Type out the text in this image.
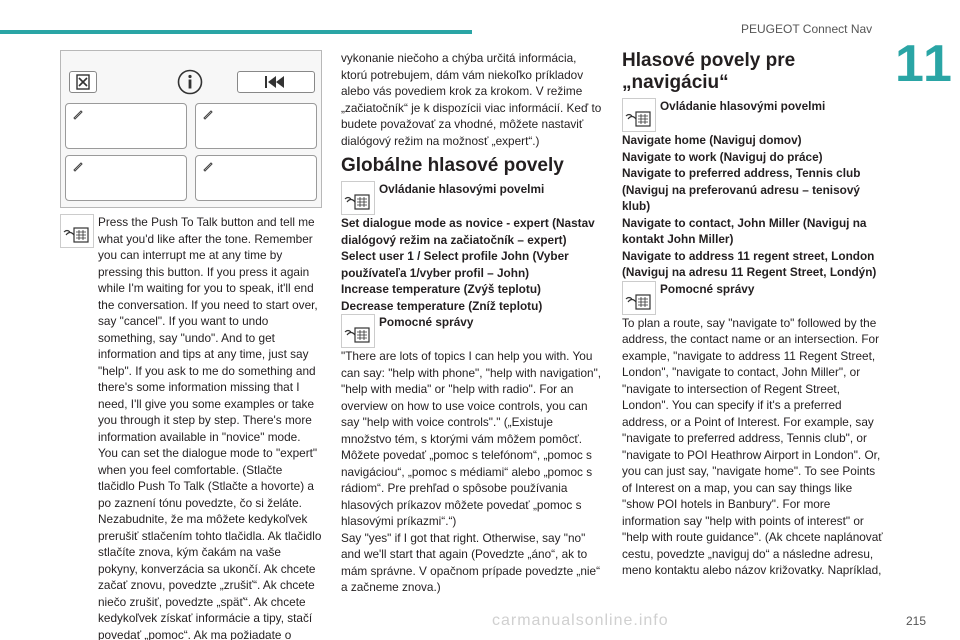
PEUGEOT Connect Nav
11

Press the Push To Talk button and tell me what you'd like after the tone. Remember you can interrupt me at any time by pressing this button. If you press it again while I'm waiting for you to speak, it'll end the conversation. If you need to start over, say "cancel". If you want to undo something, say "undo". And to get information and tips at any time, just say "help". If you ask to me do something and there's some information missing that I need, I'll give you some examples or take you through it step by step. There's more information available in "novice" mode. You can set the dialogue mode to "expert" when you feel comfortable. (Stlačte tlačidlo Push To Talk (Stlačte a hovorte) a po zaznení tónu povedzte, čo si želáte. Nezabudnite, že ma môžete kedykoľvek prerušiť stlačením tohto tlačidla. Ak tlačidlo stlačíte znova, kým čakám na vaše pokyny, konverzácia sa ukončí. Ak chcete začať znovu, povedzte „zrušiť“. Ak chcete niečo zrušiť, povedzte „späť“. Ak chcete kedykoľvek získať informácie a tipy, stačí povedať „pomoc“. Ak ma požiadate o

vykonanie niečoho a chýba určitá informácia, ktorú potrebujem, dám vám niekoľko príkladov alebo vás povediem krok za krokom. V režime „začiatočník“ je k dispozícii viac informácií. Keď to budete považovať za vhodné, môžete nastaviť dialógový režim na možnosť „expert“.)

Globálne hlasové povely
Ovládanie hlasovými povelmi

Set dialogue mode as novice - expert (Nastav dialógový režim na začiatočník – expert)

Select user 1 / Select profile John (Vyber používateľa 1/vyber profil – John)

Increase temperature (Zvýš teplotu)

Decrease temperature (Zníž teplotu)

Pomocné správy

"There are lots of topics I can help you with. You can say: "help with phone", "help with navigation", "help with media" or "help with radio". For an overview on how to use voice controls, you can say "help with voice controls"." („Existuje množstvo tém, s ktorými vám môžem pomôcť. Môžete povedať „pomoc s telefónom“, „pomoc s navigáciou“, „pomoc s médiami“ alebo „pomoc s rádiom“. Pre prehľad o spôsobe používania hlasových príkazov môžete povedať „pomoc s hlasovými príkazmi“.“)

Say "yes" if I got that right. Otherwise, say "no" and we'll start that again (Povedzte „áno“, ak to mám správne. V opačnom prípade povedzte „nie“ a začneme znova.)

Hlasové povely pre „navigáciu“
Ovládanie hlasovými povelmi

Navigate home (Naviguj domov)

Navigate to work (Naviguj do práce)

Navigate to preferred address, Tennis club (Naviguj na preferovanú adresu – tenisový klub)

Navigate to contact, John Miller (Naviguj na kontakt John Miller)

Navigate to address 11 regent street, London (Naviguj na adresu 11 Regent Street, Londýn)

Pomocné správy

To plan a route, say "navigate to" followed by the address, the contact name or an intersection. For example, "navigate to address 11 Regent Street, London", "navigate to contact, John Miller", or "navigate to intersection of Regent Street, London". You can specify if it's a preferred address, or a Point of Interest. For example, say "navigate to preferred address, Tennis club", or "navigate to POI Heathrow Airport in London". Or, you can just say, "navigate home". To see Points of Interest on a map, you can say things like "show POI hotels in Banbury". For more information say "help with points of interest" or "help with route guidance". (Ak chcete naplánovať cestu, povedzte „naviguj do“ a následne adresu, meno kontaktu alebo názov križovatky. Napríklad,

carmanualsonline.info	215
